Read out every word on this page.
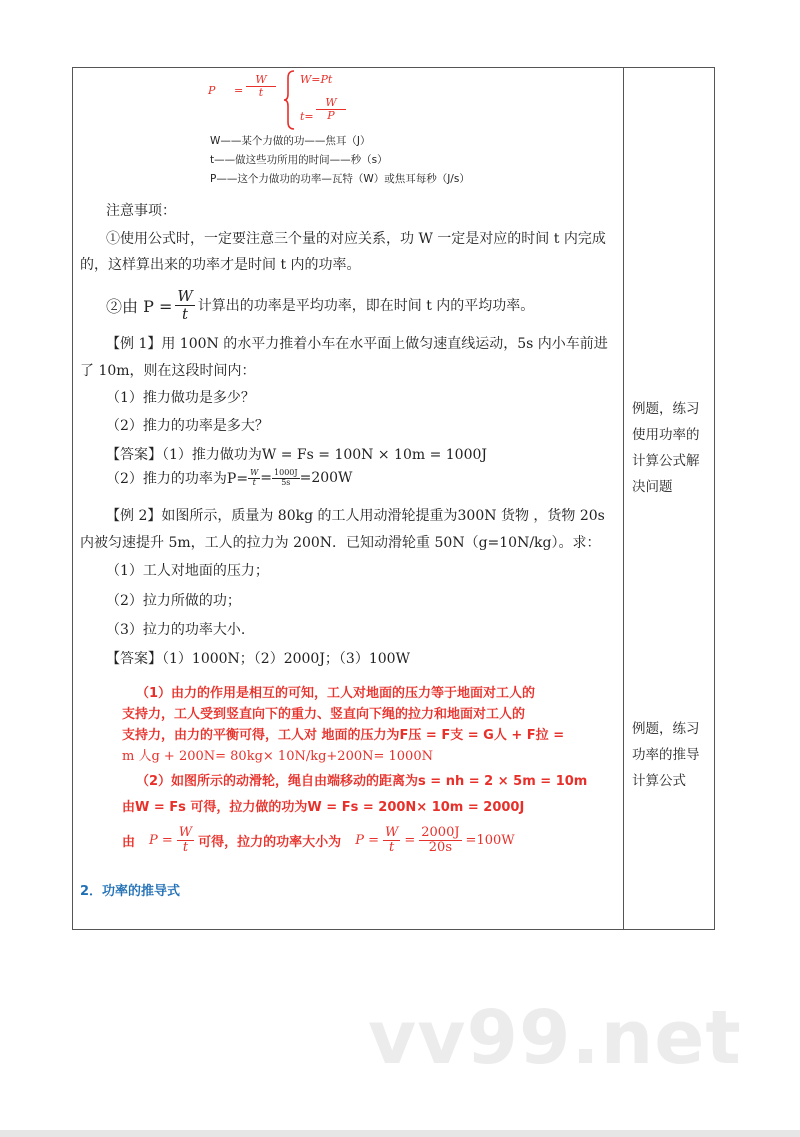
$P = \frac{W}{t} W=Pt$
$t= \frac{W}{P}$
W——某个力做的功——焦耳（J）
t——做这些功所用的时间——秒（s）
P——这个力做功的功率—瓦特（W）或焦耳每秒（J/s）
注意事项：
①使用公式时，一定要注意三个量的对应关系，功 W 一定是对应的时间 t 内完成
的，这样算出来的功率才是时间 t 内的功率。
②由 $P = \frac{W}{t}$ 计算出的功率是平均功率，即在时间 t 内的平均功率。
【例 1】用 100N 的水平力推着小车在水平面上做匀速直线运动，5s 内小车前进
了 10m，则在这段时间内：
（1）推力做功是多少？
（2）推力的功率是多大？
【答案】（1）推力做功为W = Fs = 100N × 10m = 1000J
（2）推力的功率为$P= \frac{W}{t} = \frac{1000J}{5s} =200W$
【例 2】如图所示，质量为 80kg 的工人用动滑轮提重为300N 货物 ，货物 20s
内被匀速提升 5m，工人的拉力为 200N．已知动滑轮重 50N（g=10N/kg）。求：
（1）工人对地面的压力；
（2）拉力所做的功；
（3）拉力的功率大小.
【答案】（1）1000N；（2）2000J；（3）100W
（1）由力的作用是相互的可知，工人对地面的压力等于地面对工人的
支持力，工人受到竖直向下的重力、竖直向下绳的拉力和地面对工人的
支持力，由力的平衡可得，工人对 地面的压力为F压 = F支 = G人 + F拉 =
m 人g + 200N= 80kg× 10N/kg+200N= 1000N
（2）如图所示的动滑轮，绳自由端移动的距离为s = nh = 2 × 5m = 10m
由W = Fs 可得，拉力做的功为W = Fs = 200N× 10m = 2000J
由 $P = \frac{W}{t}$ 可得，拉力的功率大小为 $P = \frac{W}{t} = \frac{2000J}{20s} =100W$
2．功率的推导式
例题，练习使用功率的计算公式解决问题
例题，练习功率的推导计算公式
vv99.net
